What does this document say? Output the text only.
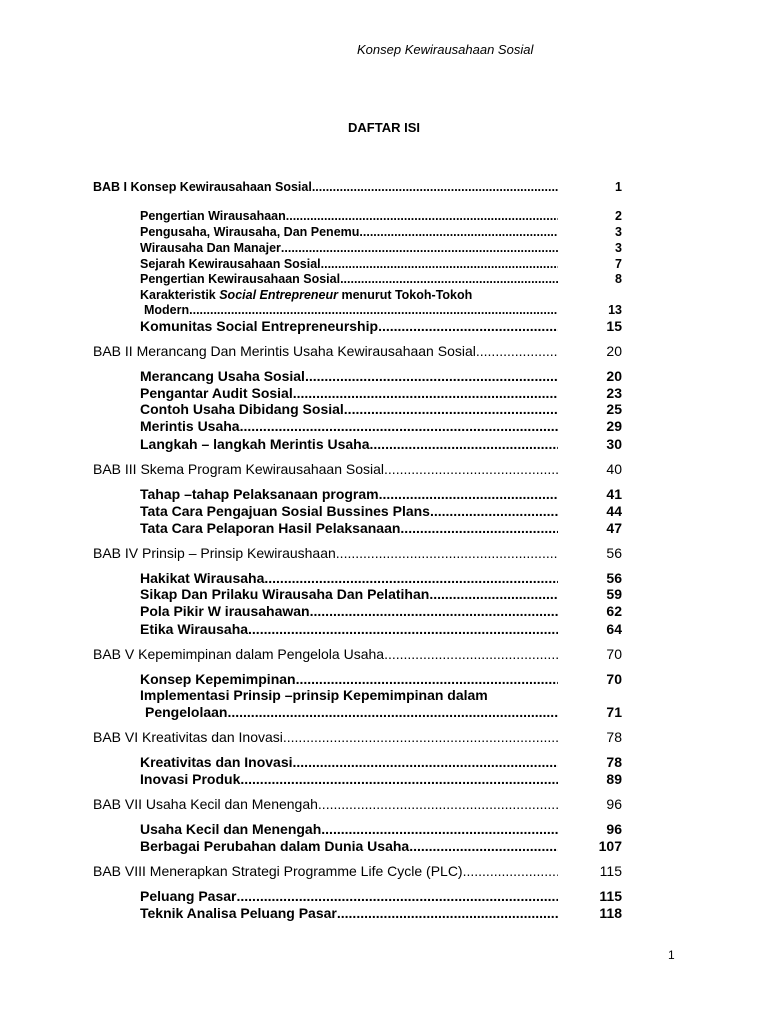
Konsep Kewirausahaan Sosial
DAFTAR ISI
BAB I Konsep Kewirausahaan Sosial .....	1
Pengertian Wirausahaan .....	2
Pengusaha, Wirausaha, Dan Penemu .....	3
Wirausaha Dan Manajer .....	3
Sejarah Kewirausahaan Sosial .....	7
Pengertian Kewirausahaan Sosial .....	8
Karakteristik Social Entrepreneur menurut Tokoh-Tokoh
Modern .....	13
Komunitas Social Entrepreneurship .....	15
BAB II Merancang Dan Merintis Usaha Kewirausahaan Sosial .....	20
Merancang Usaha Sosial .....	20
Pengantar Audit Sosial .....	23
Contoh Usaha Dibidang Sosial .....	25
Merintis Usaha .....	29
Langkah – langkah Merintis Usaha .....	30
BAB III Skema Program Kewirausahaan Sosial .....	40
Tahap –tahap Pelaksanaan program .....	41
Tata Cara Pengajuan Sosial Bussines Plans .....	44
Tata Cara Pelaporan Hasil Pelaksanaan .....	47
BAB IV Prinsip – Prinsip Kewiraushaan .....	56
Hakikat Wirausaha .....	56
Sikap Dan Prilaku Wirausaha Dan Pelatihan .....	59
Pola Pikir W irausahawan .....	62
Etika Wirausaha .....	64
BAB V Kepemimpinan dalam Pengelola Usaha .....	70
Konsep Kepemimpinan .....	70
Implementasi Prinsip –prinsip Kepemimpinan dalam
Pengelolaan .....	71
BAB VI Kreativitas dan Inovasi .....	78
Kreativitas dan Inovasi .....	78
Inovasi Produk .....	89
BAB VII Usaha Kecil dan Menengah .....	96
Usaha Kecil dan Menengah .....	96
Berbagai Perubahan dalam Dunia Usaha .....	107
BAB VIII Menerapkan Strategi Programme Life Cycle (PLC) .....	115
Peluang Pasar .....	115
Teknik Analisa Peluang Pasar .....	118
1
